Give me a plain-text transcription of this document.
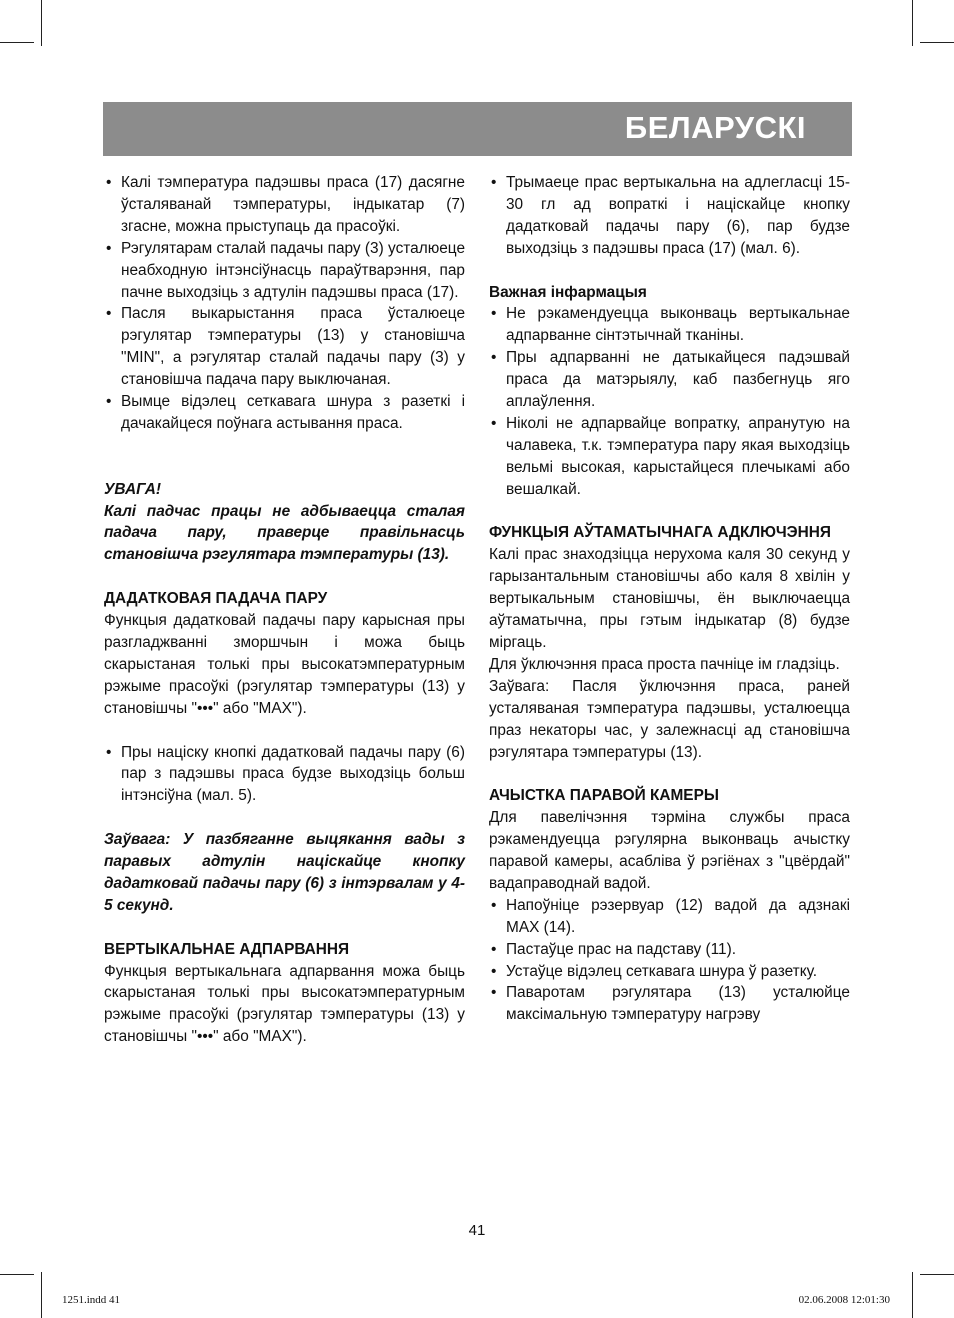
БЕЛАРУСКІ
• Калі тэмпература падэшвы праса (17) дасягне ўсталяванай тэмпературы, індыкатар (7) згасне, можна прыступаць да прасоўкі.
• Рэгулятарам сталай падачы пару (3) усталюеце неабходную інтэнсіўнасць параўтварэння, пар пачне выходзіць з адтулін падэшвы праса (17).
• Пасля выкарыстання праса ўсталюеце рэгулятар тэмпературы (13) у становішча "MIN", а рэгулятар сталай падачы пару (3) у становішча падача пару выключаная.
• Вымце відэлец сеткавага шнура з разеткі і дачакайцеся поўнага астывання праса.
УВАГА!
Калі падчас працы не адбываецца сталая падача пару, праверце правільнасць становішча рэгулятара тэмпературы (13).
ДАДАТКОВАЯ ПАДАЧА ПАРУ
Функцыя дадатковай падачы пару карысная пры разгладжванні зморшчын і можа быць скарыстаная толькі пры высокатэмпературным рэжыме прасоўкі (рэгулятар тэмпературы (13) у становішчы "•••" або "MAX").
• Пры націску кнопкі дадатковай падачы пару (6) пар з падэшвы праса будзе выходзіць больш інтэнсіўна (мал. 5).
Заўвага: У пазбяганне выцякання вады з паравых адтулін націскайце кнопку дадатковай падачы пару (6) з інтэрвалам у 4-5 секунд.
ВЕРТЫКАЛЬНАЕ АДПАРВАННЯ
Функцыя вертыкальнага адпарвання можа быць скарыстаная толькі пры высокатэмпературным рэжыме прасоўкі (рэгулятар тэмпературы (13) у становішчы "•••" або "MAX").
• Трымаеце прас вертыкальна на адлегласці 15-30 гл ад вопраткі і націскайце кнопку дадатковай падачы пару (6), пар будзе выходзіць з падэшвы праса (17) (мал. 6).
Важная інфармацыя
• Не рэкамендуецца выконваць вертыкальнае адпарванне сінтэтычнай тканіны.
• Пры адпарванні не датыкайцеся падэшвай праса да матэрыялу, каб пазбегнуць яго аплаўлення.
• Ніколі не адпарвайце вопратку, апранутую на чалавека, т.к. тэмпература пару якая выходзіць вельмі высокая, карыстайцеся плечыкамі або вешалкай.
ФУНКЦЫЯ АЎТАМАТЫЧНАГА АДКЛЮЧЭННЯ
Калі прас знаходзіцца нерухома каля 30 секунд у гарызантальным становішчы або каля 8 хвілін у вертыкальным становішчы, ён выключаецца аўтаматычна, пры гэтым індыкатар (8) будзе міргаць.
Для ўключэння праса проста пачніце ім гладзіць.
Заўвага: Пасля ўключэння праса, раней усталяваная тэмпература падэшвы, усталюецца праз некаторы час, у залежнасці ад становішча рэгулятара тэмпературы (13).
АЧЫСТКА ПАРАВОЙ КАМЕРЫ
Для павелічэння тэрміна службы праса рэкамендуецца рэгулярна выконваць ачыстку паравой камеры, асабліва ў рэгіёнах з "цвёрдай" вадаправоднай вадой.
• Напоўніце рэзервуар (12) вадой да адзнакі MAX (14).
• Пастаўце прас на падставу (11).
• Устаўце відэлец сеткавага шнура ў разетку.
• Паваротам рэгулятара (13) усталюйце максімальную тэмпературу нагрэву
41
1251.indd 41	02.06.2008 12:01:30
